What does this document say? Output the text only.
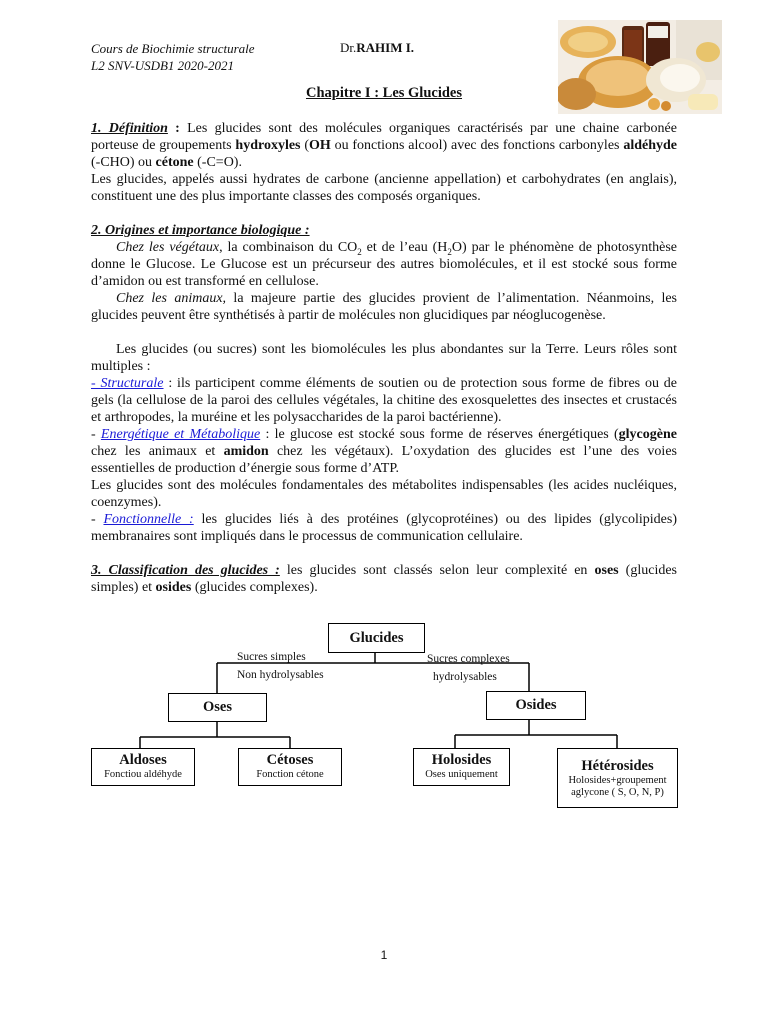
Cours de Biochimie structurale
L2 SNV-USDB1 2020-2021
Dr.RAHIM I.
Chapitre I : Les Glucides

1. Définition : Les glucides sont des molécules organiques caractérisés par une chaine carbonée porteuse de groupements hydroxyles (OH ou fonctions alcool) avec des fonctions carbonyles aldéhyde (-CHO) ou cétone (-C=O).

Les glucides, appelés aussi hydrates de carbone (ancienne appellation) et carbohydrates (en anglais), constituent une des plus importante classes des composés organiques.

2. Origines et importance biologique :

Chez les végétaux, la combinaison du $CO_2$ et de l’eau $(H_2O)$ par le phénomène de photosynthèse donne le Glucose. Le Glucose est un précurseur des autres biomolécules, et il est stocké sous forme d’amidon ou est transformé en cellulose.

Chez les animaux, la majeure partie des glucides provient de l’alimentation. Néanmoins, les glucides peuvent être synthétisés à partir de molécules non glucidiques par néoglucogenèse.

Les glucides (ou sucres) sont les biomolécules les plus abondantes sur la Terre. Leurs rôles sont multiples :

- Structurale : ils participent comme éléments de soutien ou de protection sous forme de fibres ou de gels (la cellulose de la paroi des cellules végétales, la chitine des exosquelettes des insectes et crustacés et arthropodes, la muréine et les polysaccharides de la paroi bactérienne).

- Energétique et Métabolique : le glucose est stocké sous forme de réserves énergétiques (glycogène chez les animaux et amidon chez les végétaux). L’oxydation des glucides est l’une des voies essentielles de production d’énergie sous forme d’ATP.

Les glucides sont des molécules fondamentales des métabolites indispensables (les acides nucléiques, coenzymes).

- Fonctionnelle : les glucides liés à des protéines (glycoprotéines) ou des lipides (glycolipides) membranaires sont impliqués dans le processus de communication cellulaire.

3. Classification des glucides : les glucides sont classés selon leur complexité en oses (glucides simples) et osides (glucides complexes).

Glucides
Sucres simples
Non hydrolysables
Sucres complexes
hydrolysables
Oses	Osides
Aldoses
Fonctiou aldéhyde
Cétoses
Fonction cétone
Holosides
Oses uniquement
Hétérosides
Holosides+groupement
aglycone ( S, O, N, P)
1
